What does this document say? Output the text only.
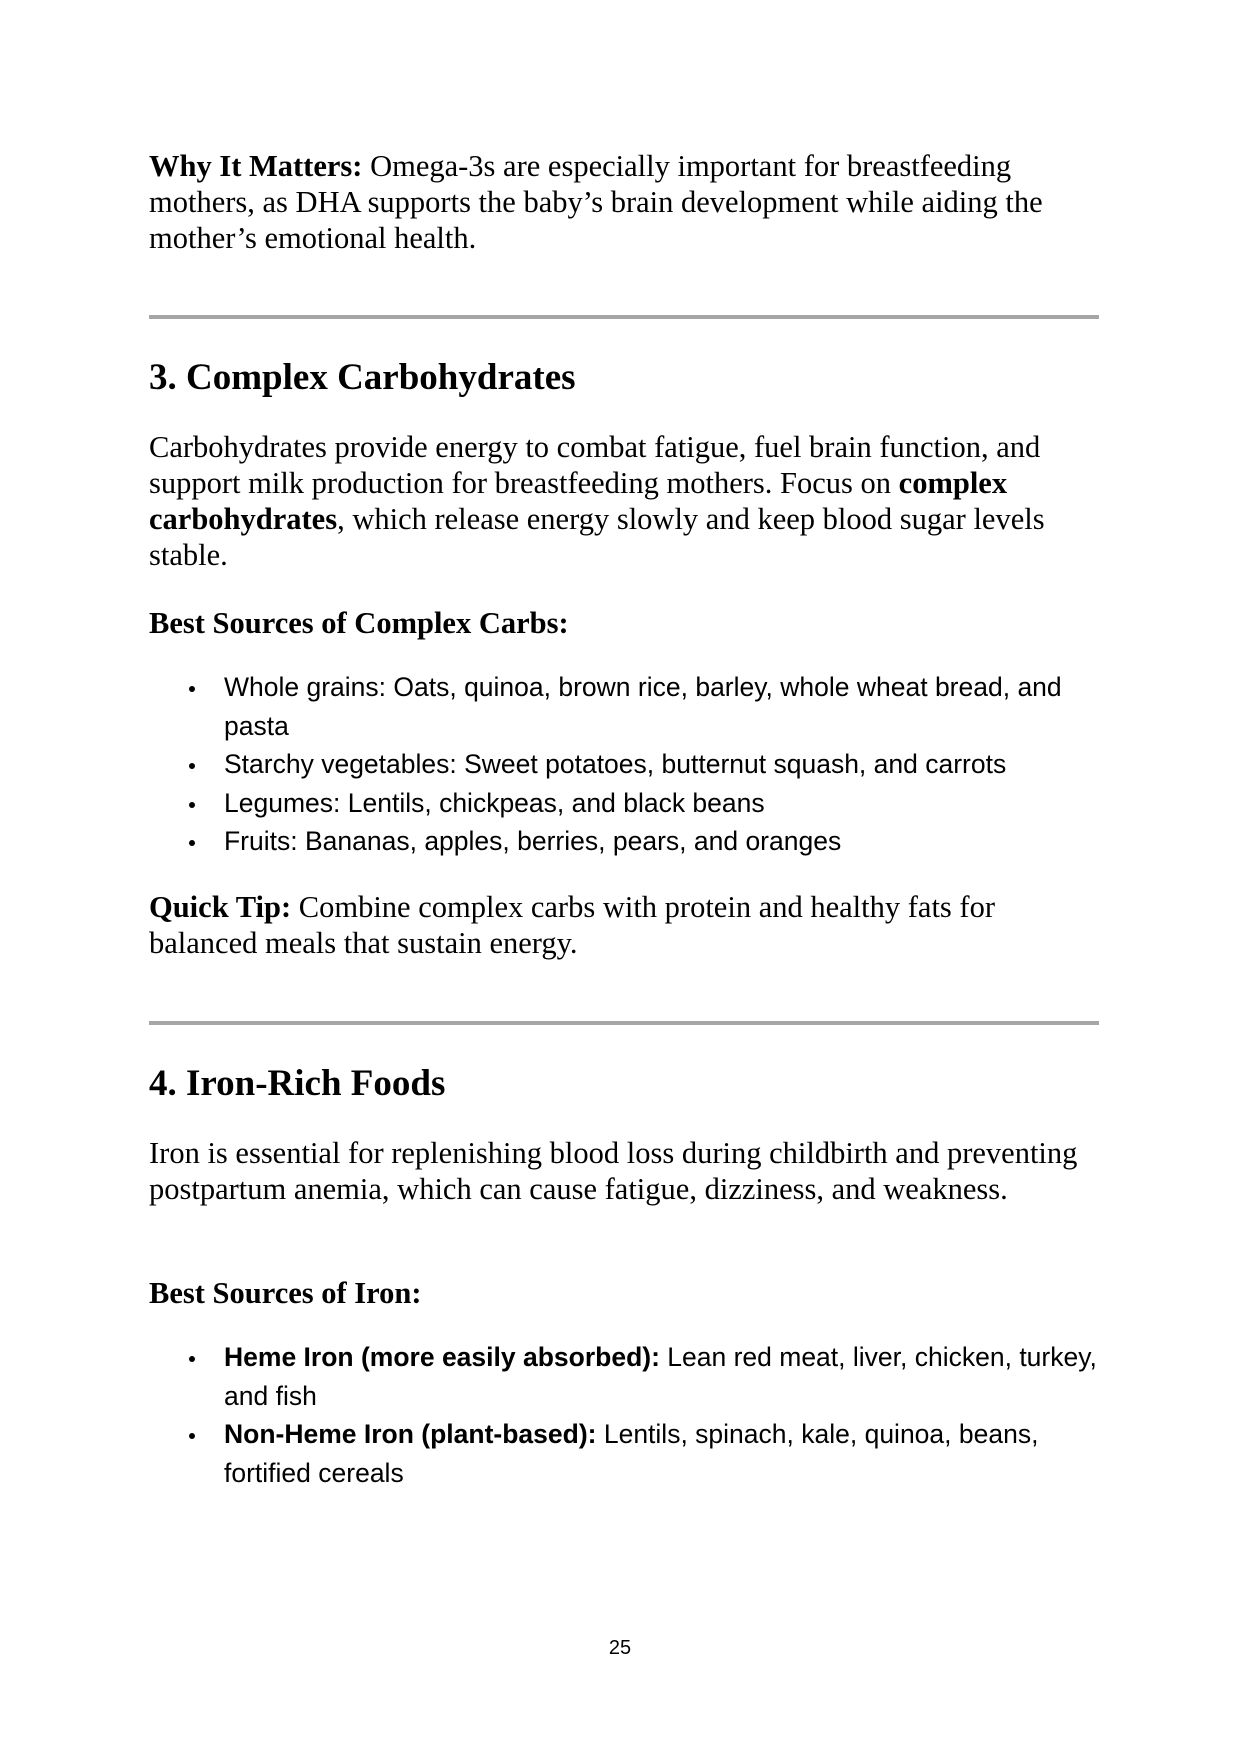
Why It Matters: Omega-3s are especially important for breastfeeding mothers, as DHA supports the baby’s brain development while aiding the mother’s emotional health.

3. Complex Carbohydrates

Carbohydrates provide energy to combat fatigue, fuel brain function, and support milk production for breastfeeding mothers. Focus on complex carbohydrates, which release energy slowly and keep blood sugar levels stable.

Best Sources of Complex Carbs:

Whole grains: Oats, quinoa, brown rice, barley, whole wheat bread, and pasta
Starchy vegetables: Sweet potatoes, butternut squash, and carrots
Legumes: Lentils, chickpeas, and black beans
Fruits: Bananas, apples, berries, pears, and oranges

Quick Tip: Combine complex carbs with protein and healthy fats for balanced meals that sustain energy.

4. Iron-Rich Foods

Iron is essential for replenishing blood loss during childbirth and preventing postpartum anemia, which can cause fatigue, dizziness, and weakness.

Best Sources of Iron:

Heme Iron (more easily absorbed): Lean red meat, liver, chicken, turkey, and fish
Non-Heme Iron (plant-based): Lentils, spinach, kale, quinoa, beans, fortified cereals
25
